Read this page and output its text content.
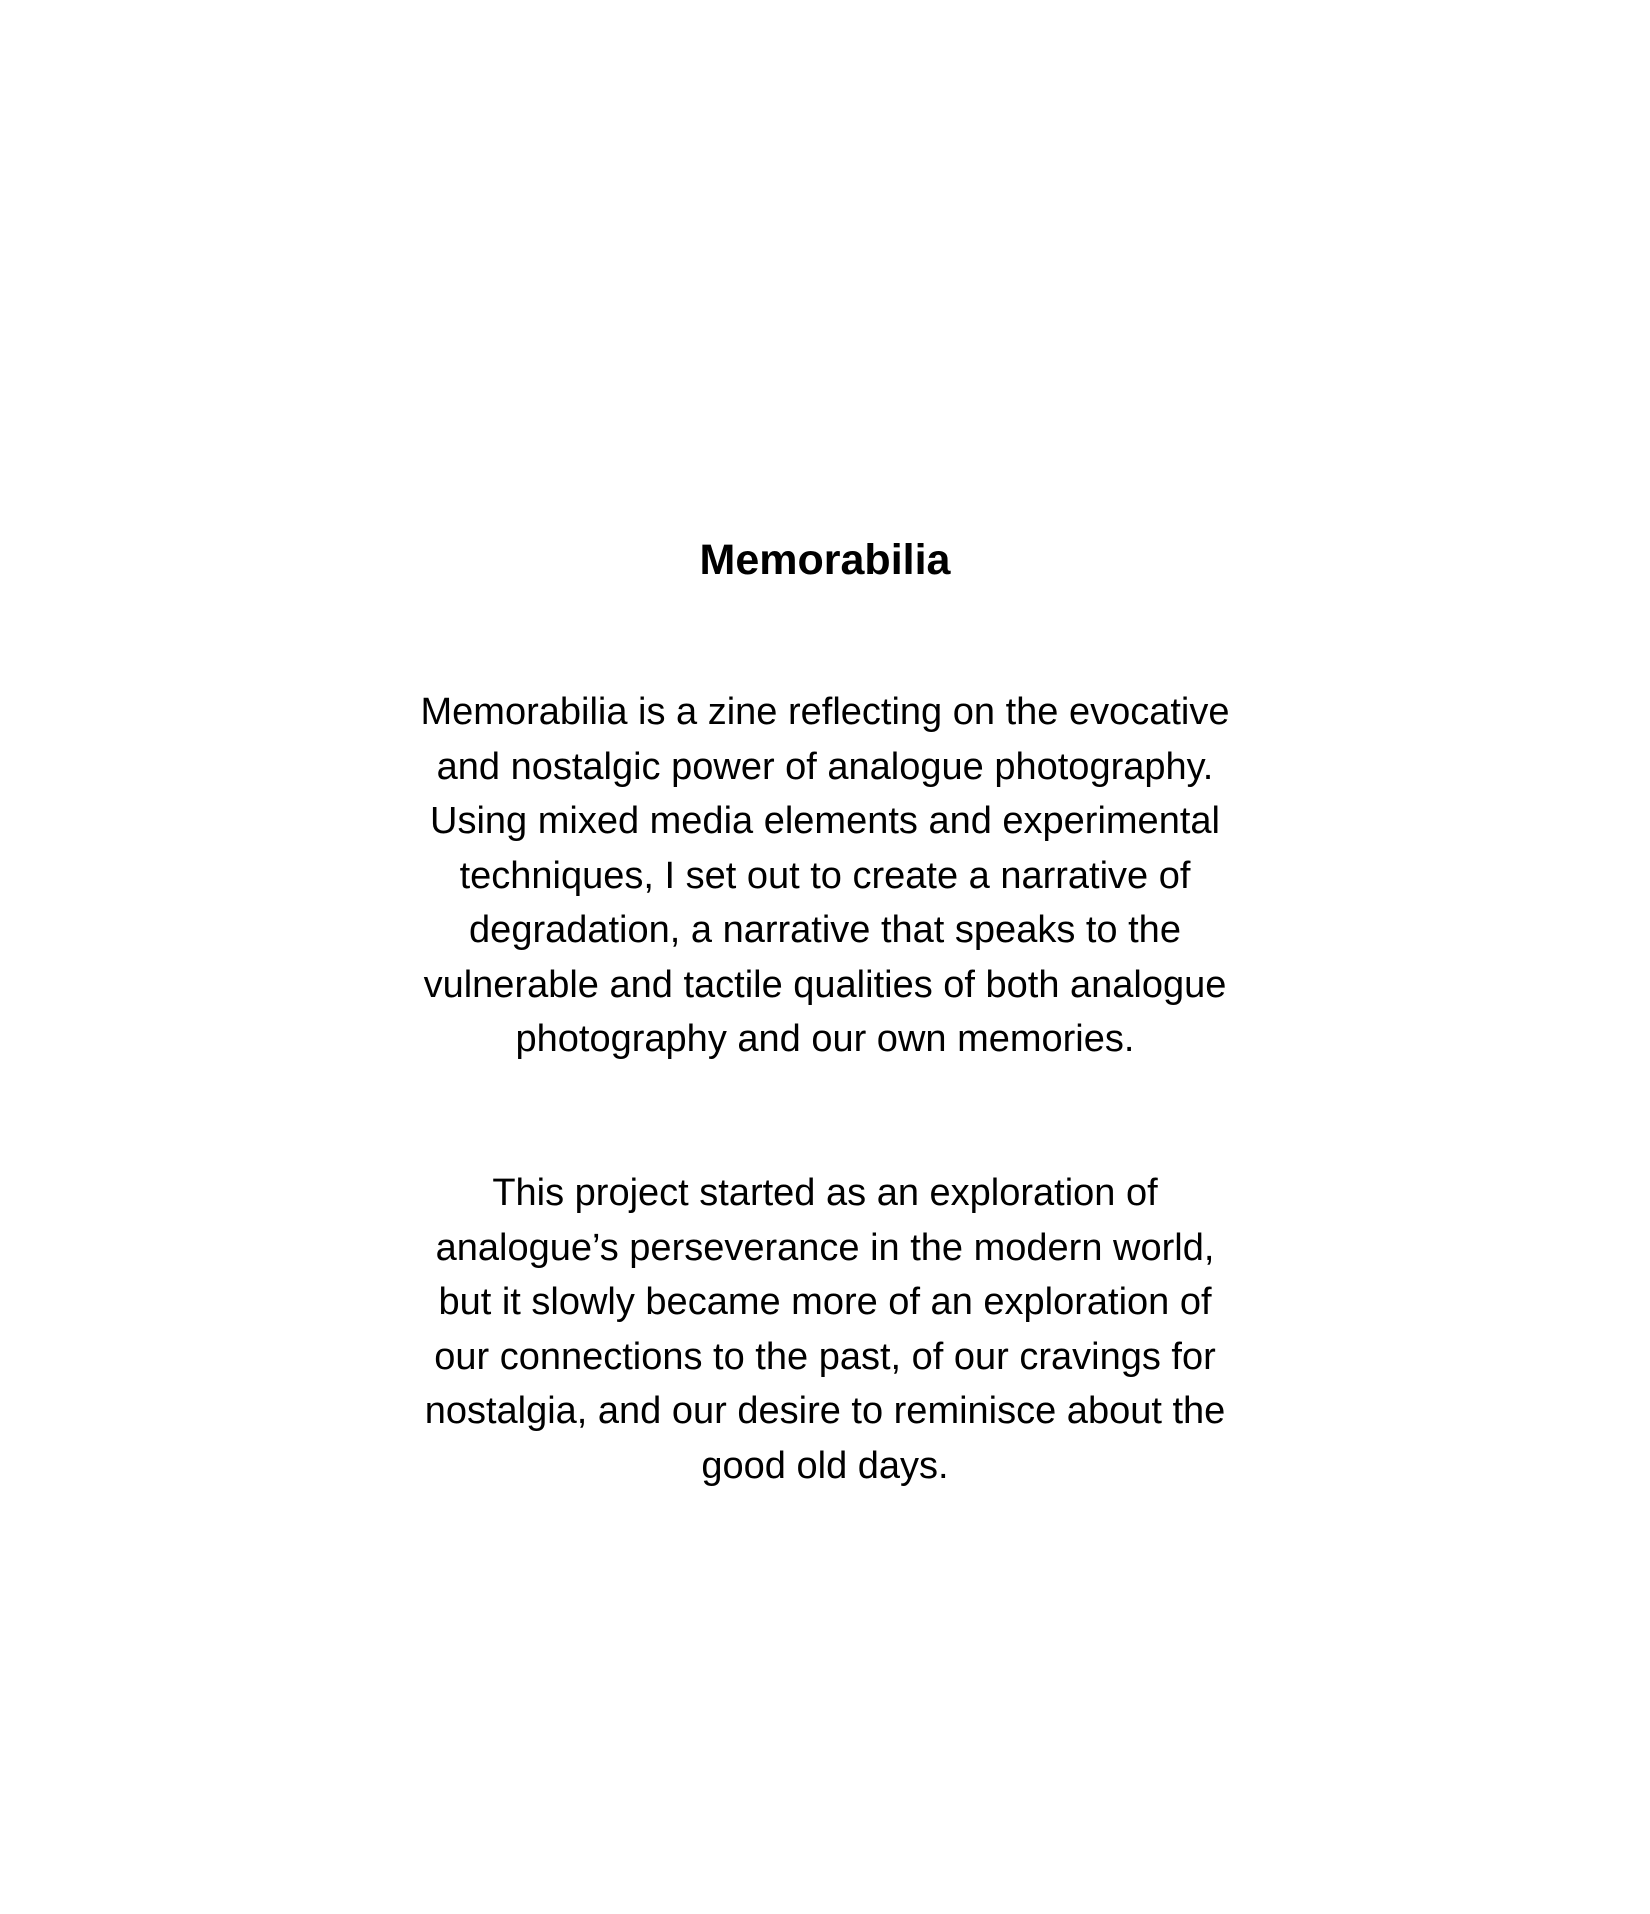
Memorabilia

Memorabilia is a zine reflecting on the evocative
and nostalgic power of analogue photography.
Using mixed media elements and experimental
techniques, I set out to create a narrative of
degradation, a narrative that speaks to the
vulnerable and tactile qualities of both analogue
photography and our own memories.

This project started as an exploration of
analogue’s perseverance in the modern world,
but it slowly became more of an exploration of
our connections to the past, of our cravings for
nostalgia, and our desire to reminisce about the
good old days.
